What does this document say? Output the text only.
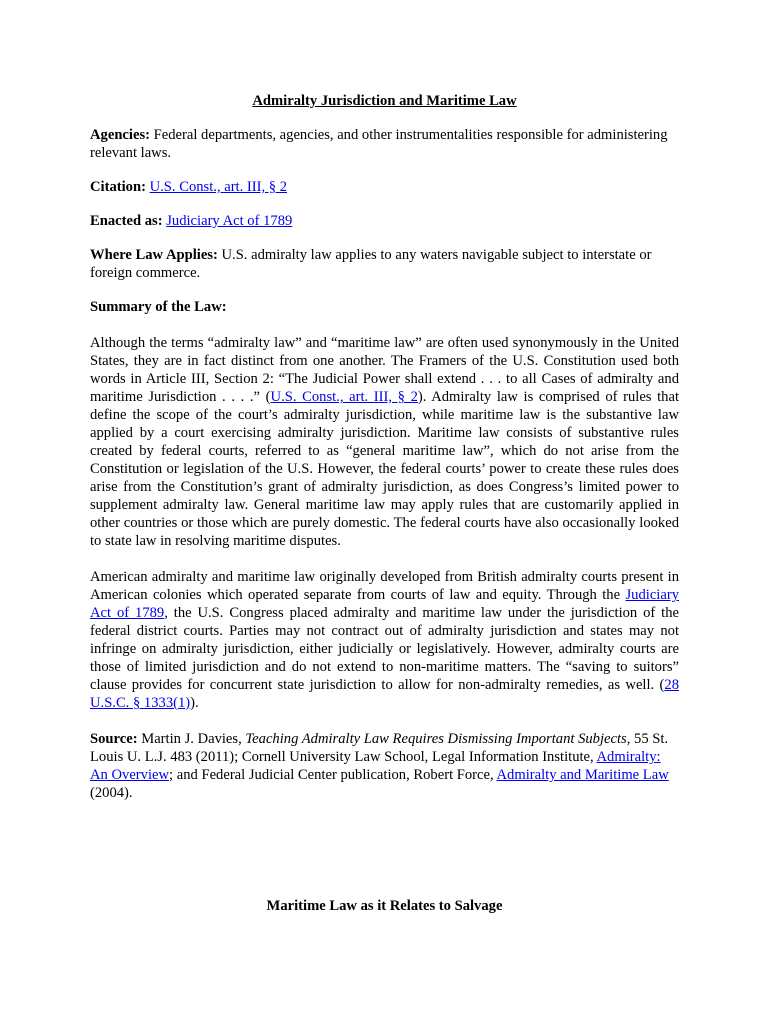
Admiralty Jurisdiction and Maritime Law
Agencies: Federal departments, agencies, and other instrumentalities responsible for administering relevant laws.
Citation: U.S. Const., art. III, § 2
Enacted as: Judiciary Act of 1789
Where Law Applies: U.S. admiralty law applies to any waters navigable subject to interstate or foreign commerce.
Summary of the Law:
Although the terms “admiralty law” and “maritime law” are often used synonymously in the United States, they are in fact distinct from one another. The Framers of the U.S. Constitution used both words in Article III, Section 2: “The Judicial Power shall extend . . . to all Cases of admiralty and maritime Jurisdiction . . . .” (U.S. Const., art. III, § 2). Admiralty law is comprised of rules that define the scope of the court’s admiralty jurisdiction, while maritime law is the substantive law applied by a court exercising admiralty jurisdiction. Maritime law consists of substantive rules created by federal courts, referred to as “general maritime law”, which do not arise from the Constitution or legislation of the U.S. However, the federal courts’ power to create these rules does arise from the Constitution’s grant of admiralty jurisdiction, as does Congress’s limited power to supplement admiralty law. General maritime law may apply rules that are customarily applied in other countries or those which are purely domestic. The federal courts have also occasionally looked to state law in resolving maritime disputes.
American admiralty and maritime law originally developed from British admiralty courts present in American colonies which operated separate from courts of law and equity. Through the Judiciary Act of 1789, the U.S. Congress placed admiralty and maritime law under the jurisdiction of the federal district courts. Parties may not contract out of admiralty jurisdiction and states may not infringe on admiralty jurisdiction, either judicially or legislatively. However, admiralty courts are those of limited jurisdiction and do not extend to non-maritime matters. The “saving to suitors” clause provides for concurrent state jurisdiction to allow for non-admiralty remedies, as well. (28 U.S.C. § 1333(1)).
Source: Martin J. Davies, Teaching Admiralty Law Requires Dismissing Important Subjects, 55 St. Louis U. L.J. 483 (2011); Cornell University Law School, Legal Information Institute, Admiralty: An Overview; and Federal Judicial Center publication, Robert Force, Admiralty and Maritime Law (2004).
Maritime Law as it Relates to Salvage
